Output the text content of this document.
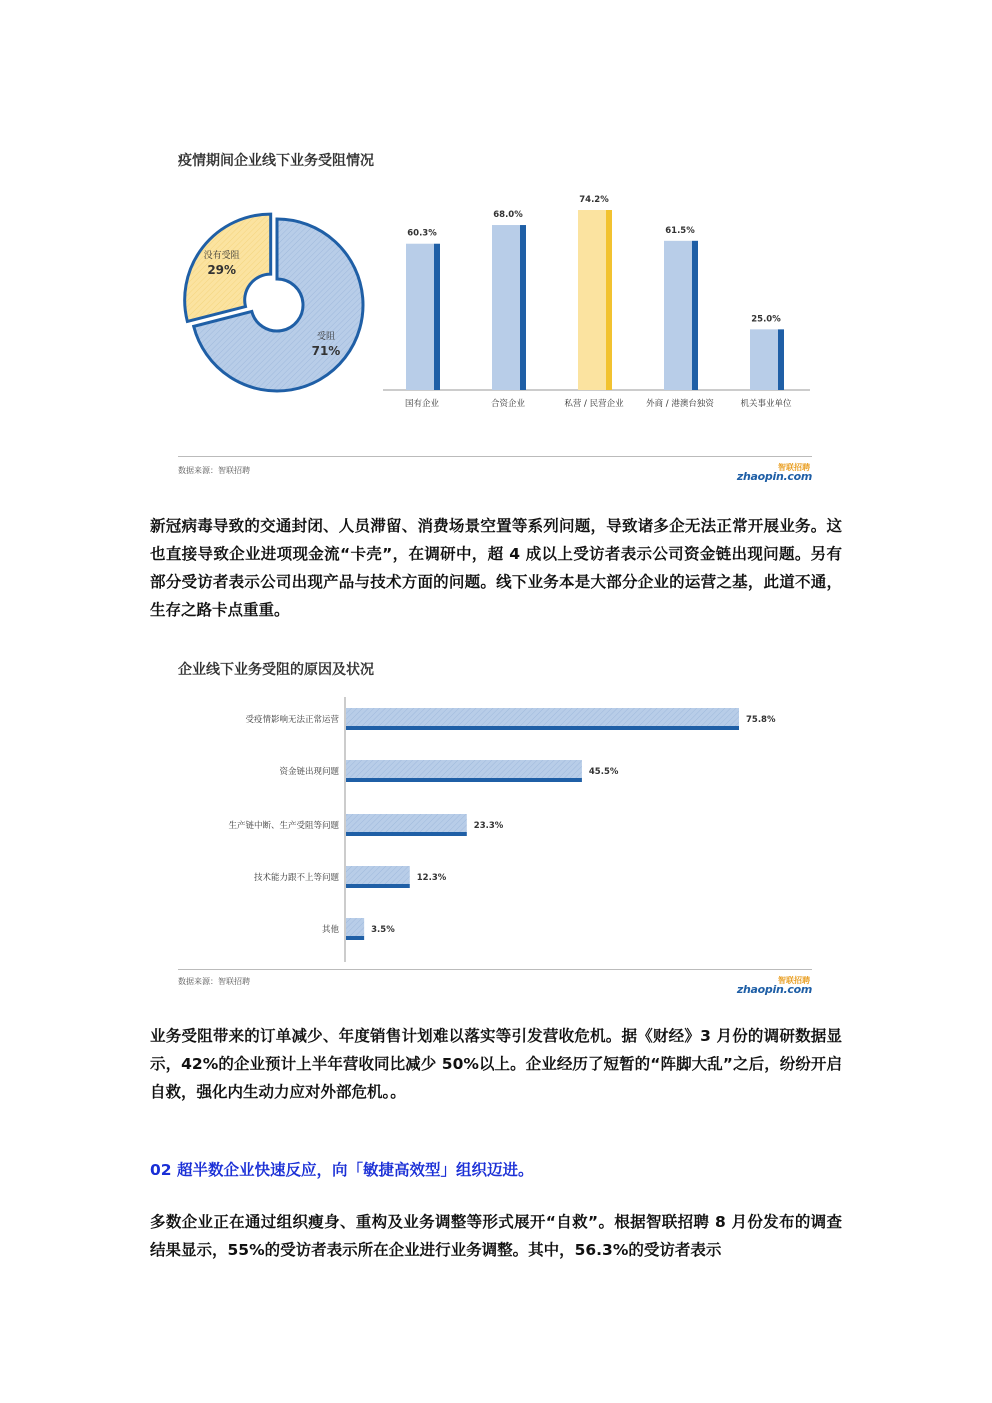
疫情期间企业线下业务受阻情况
受阻
71%
没有受阻
29%
60.3%
国有企业
68.0%
合资企业
74.2%
私营 / 民营企业
61.5%
外商 / 港澳台独资
25.0%
机关事业单位
数据来源：智联招聘	智联招聘
zhaopin.com
新冠病毒导致的交通封闭、人员滞留、消费场景空置等系列问题，导致诸多企无法正常开展业务。这也直接导致企业进项现金流“卡壳”，在调研中，超 4 成以上受访者表示公司资金链出现问题。另有部分受访者表示公司出现产品与技术方面的问题。线下业务本是大部分企业的运营之基，此道不通，生存之路卡点重重。
企业线下业务受阻的原因及状况
75.8%
受疫情影响无法正常运营
45.5%
资金链出现问题
23.3%
生产链中断、生产受阻等问题
12.3%
技术能力跟不上等问题
3.5%
其他
数据来源：智联招聘	智联招聘
zhaopin.com
业务受阻带来的订单减少、年度销售计划难以落实等引发营收危机。据《财经》3 月份的调研数据显示，42%的企业预计上半年营收同比减少 50%以上。企业经历了短暂的“阵脚大乱”之后，纷纷开启自救，强化内生动力应对外部危机。。
02 超半数企业快速反应，向「敏捷高效型」组织迈进。
多数企业正在通过组织瘦身、重构及业务调整等形式展开“自救”。根据智联招聘 8 月份发布的调查结果显示，55%的受访者表示所在企业进行业务调整。其中，56.3%的受访者表示
